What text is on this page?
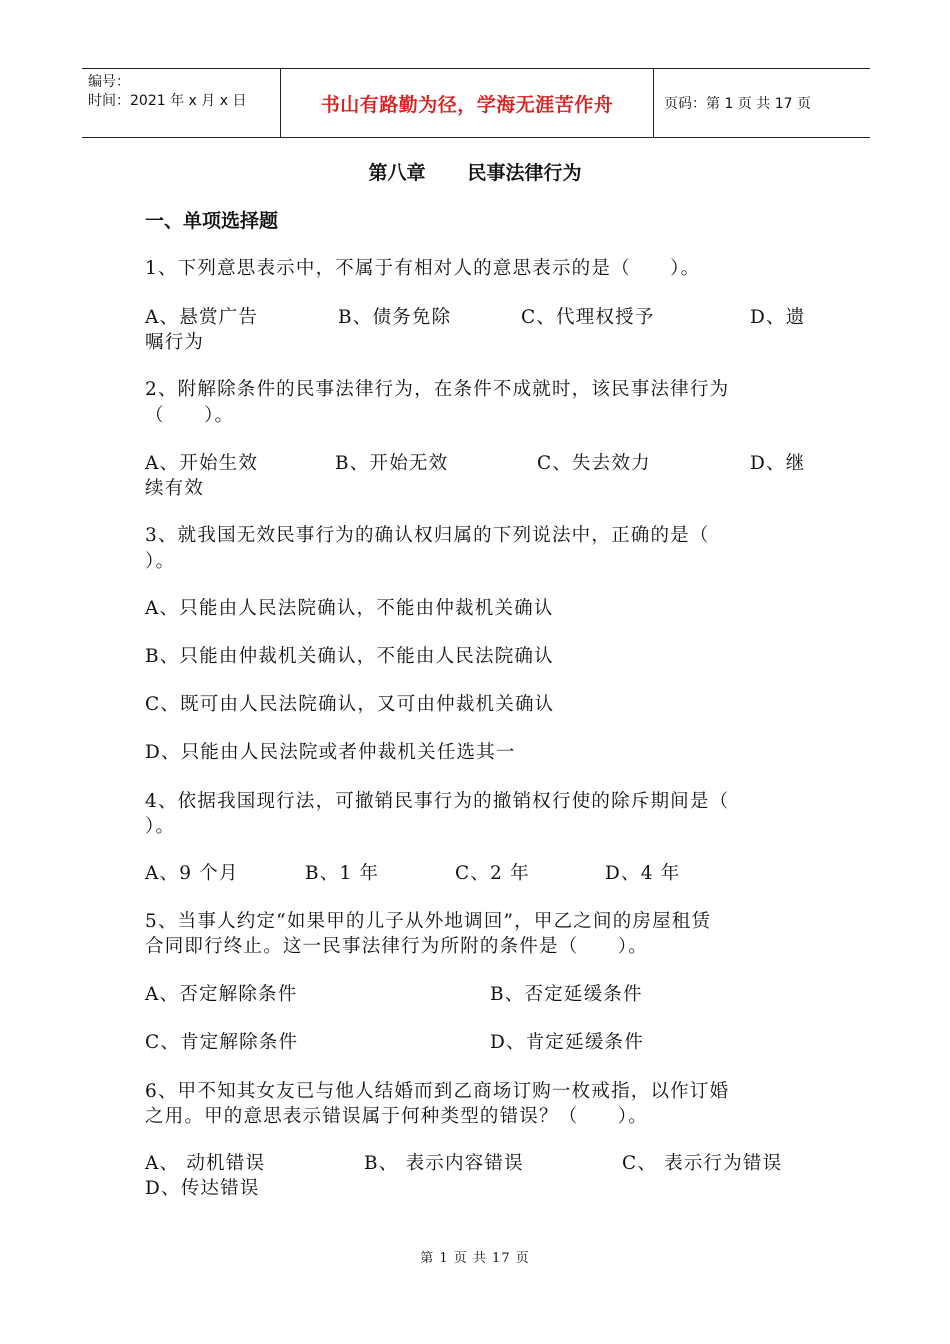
编号：
时间：2021 年 x 月 x 日	书山有路勤为径，学海无涯苦作舟	页码：第 1 页 共 17 页
第八章 民事法律行为
一、单项选择题
1、下列意思表示中，不属于有相对人的意思表示的是（　　）。
A、悬赏广告	B、债务免除	C、代理权授予	D、遗
嘱行为
2、附解除条件的民事法律行为，在条件不成就时，该民事法律行为
（　　）。
A、开始生效	B、开始无效	C、失去效力	D、继
续有效
3、就我国无效民事行为的确认权归属的下列说法中，正确的是（
）。
A、只能由人民法院确认，不能由仲裁机关确认
B、只能由仲裁机关确认，不能由人民法院确认
C、既可由人民法院确认，又可由仲裁机关确认
D、只能由人民法院或者仲裁机关任选其一
4、依据我国现行法，可撤销民事行为的撤销权行使的除斥期间是（
）。
A、9 个月	B、1 年	C、2 年	D、4 年
5、当事人约定“如果甲的儿子从外地调回”，甲乙之间的房屋租赁
合同即行终止。这一民事法律行为所附的条件是（　　）。
A、否定解除条件	B、否定延缓条件
C、肯定解除条件	D、肯定延缓条件
6、甲不知其女友已与他人结婚而到乙商场订购一枚戒指，以作订婚
之用。甲的意思表示错误属于何种类型的错误？（　　）。
A、 动机错误	B、 表示内容错误	C、 表示行为错误
D、传达错误
第 1 页 共 17 页
